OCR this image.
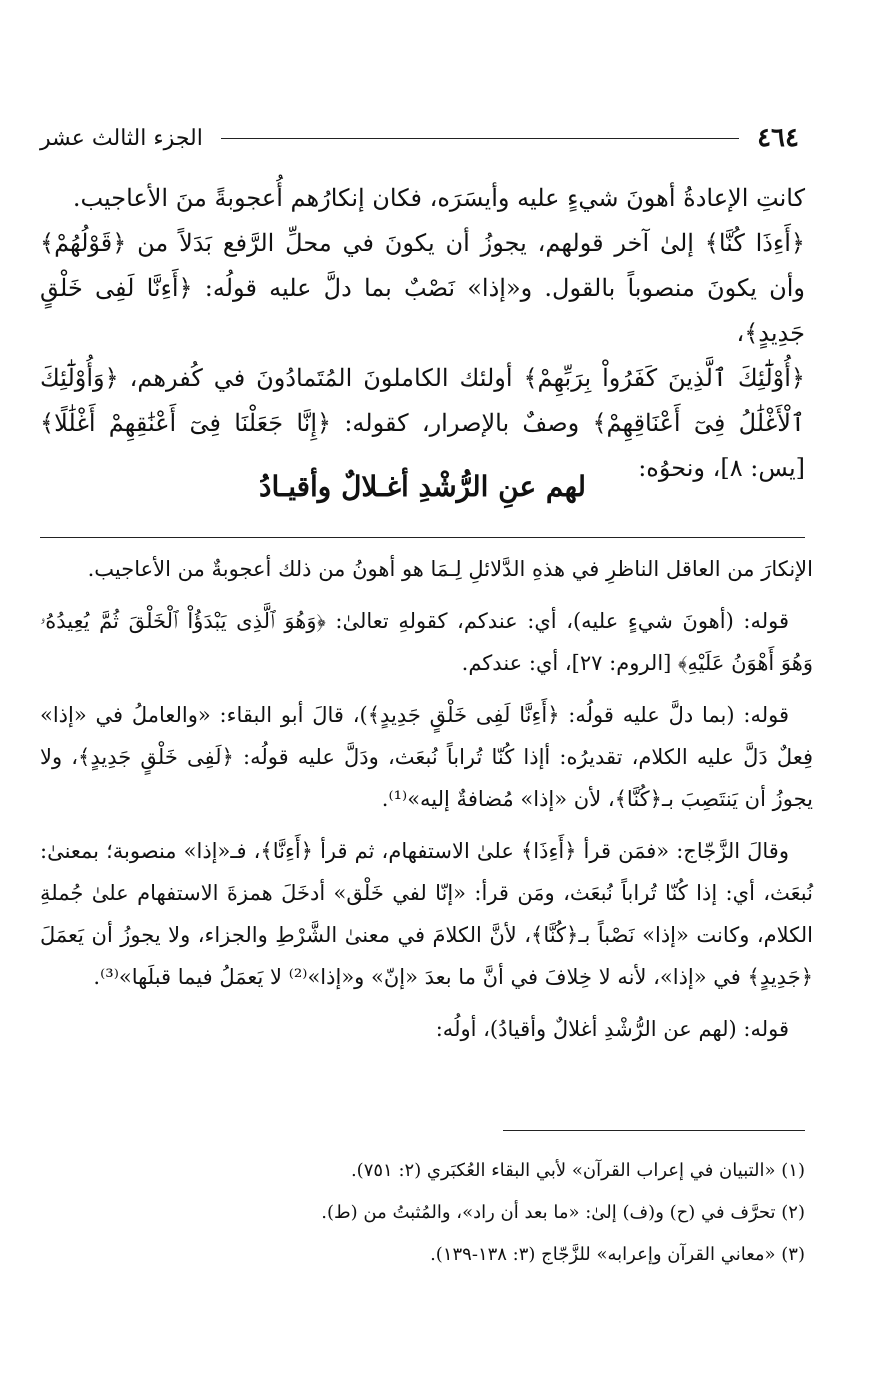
٤٦٤
الجزء الثالث عشر

كانتِ الإعادةُ أهونَ شيءٍ عليه وأيسَرَه، فكان إنكارُهم أُعجوبةً منَ الأعاجيب.

﴿أَءِذَا كُنَّا﴾ إلىٰ آخر قولهم، يجوزُ أن يكونَ في محلِّ الرَّفع بَدَلاً من ﴿قَوْلُهُمْ﴾ وأن يكونَ منصوباً بالقول. و«إذا» نَصْبٌ بما دلَّ عليه قولُه: ﴿أَءِنَّا لَفِى خَلْقٍ جَدِيدٍ﴾،

﴿أُوْلَٰٓئِكَ ٱلَّذِينَ كَفَرُواْ بِرَبِّهِمْ﴾ أولئك الكاملونَ المُتَمادُونَ في كُفرهم، ﴿وَأُوْلَٰٓئِكَ ٱلْأَغْلَٰلُ فِىٓ أَعْنَاقِهِمْ﴾ وصفٌ بالإصرار، كقوله: ﴿إِنَّا جَعَلْنَا فِىٓ أَعْنَٰقِهِمْ أَغْلَٰلًا﴾ [يس: ٨]، ونحوُه:

لهم عنِ الرُّشْدِ أغـلالٌ وأقيـادُ

الإنكارَ من العاقل الناظرِ في هذهِ الدَّلائلِ لِـمَا هو أهونُ من ذلك أعجوبةٌ من الأعاجيب.

قوله: (أهونَ شيءٍ عليه)، أي: عندكم، كقولهِ تعالىٰ: ﴿وَهُوَ ٱلَّذِى يَبْدَؤُاْ ٱلْخَلْقَ ثُمَّ يُعِيدُهُۥ وَهُوَ أَهْوَنُ عَلَيْهِ﴾ [الروم: ٢٧]، أي: عندكم.

قوله: (بما دلَّ عليه قولُه: ﴿أَءِنَّا لَفِى خَلْقٍ جَدِيدٍ﴾)، قالَ أبو البقاء: «والعاملُ في «إذا» فِعلٌ دَلَّ عليه الكلام، تقديرُه: أإذا كُنّا تُراباً نُبعَث، ودَلَّ عليه قولُه: ﴿لَفِى خَلْقٍ جَدِيدٍ﴾، ولا يجوزُ أن يَنتَصِبَ بـ﴿كُنَّا﴾، لأن «إذا» مُضافةٌ إليه»⁽¹⁾.

وقالَ الزَّجّاج: «فمَن قرأ ﴿أَءِذَا﴾ علىٰ الاستفهام، ثم قرأ ﴿أَءِنَّا﴾، فـ«إذا» منصوبة؛ بمعنىٰ: نُبعَث، أي: إذا كُنّا تُراباً نُبعَث، ومَن قرأ: «إنّا لفي خَلْق» أدخَلَ همزةَ الاستفهام علىٰ جُملةِ الكلام، وكانت «إذا» نَصْباً بـ﴿كُنَّا﴾، لأنَّ الكلامَ في معنىٰ الشَّرْطِ والجزاء، ولا يجوزُ أن يَعمَلَ ﴿جَدِيدٍ﴾ في «إذا»، لأنه لا خِلافَ في أنَّ ما بعدَ «إنّ» و«إذا»⁽²⁾ لا يَعمَلُ فيما قبلَها»⁽³⁾.

قوله: (لهم عن الرُّشْدِ أغلالٌ وأقيادُ)، أولُه:

(١) «التبيان في إعراب القرآن» لأبي البقاء العُكبَري (٢: ٧٥١).

(٢) تحرَّف في (ح) و(ف) إلىٰ: «ما بعد أن راد»، والمُثبتُ من (ط).

(٣) «معاني القرآن وإعرابه» للزَّجّاج (٣: ١٣٨-١٣٩).
